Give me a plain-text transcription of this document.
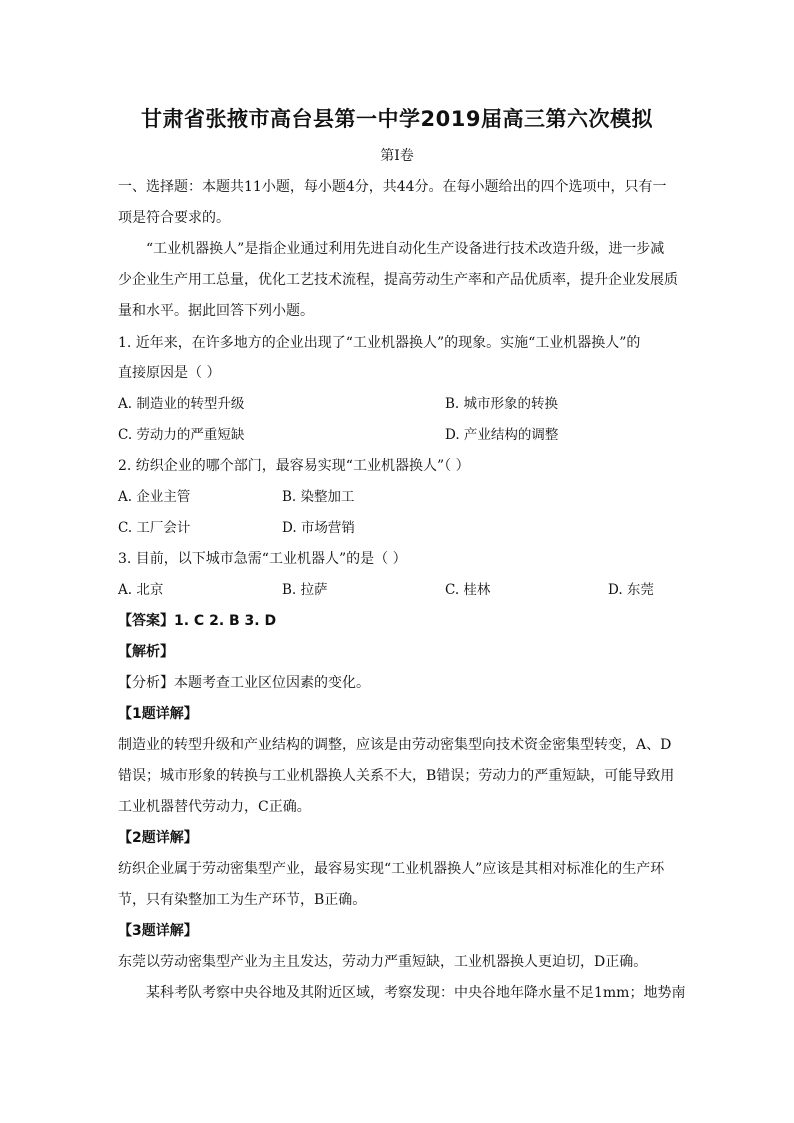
甘肃省张掖市高台县第一中学2019届高三第六次模拟
第I卷
一、选择题：本题共11小题，每小题4分，共44分。在每小题给出的四个选项中，只有一
项是符合要求的。
“工业机器换人”是指企业通过利用先进自动化生产设备进行技术改造升级，进一步减
少企业生产用工总量，优化工艺技术流程，提高劳动生产率和产品优质率，提升企业发展质
量和水平。据此回答下列小题。
1. 近年来，在许多地方的企业出现了“工业机器换人”的现象。实施“工业机器换人”的
直接原因是（ ）
A. 制造业的转型升级	B. 城市形象的转换
C. 劳动力的严重短缺	D. 产业结构的调整
2. 纺织企业的哪个部门，最容易实现“工业机器换人”（ ）
A. 企业主管	B. 染整加工
C. 工厂会计	D. 市场营销
3. 目前，以下城市急需“工业机器人”的是（ ）
A. 北京	B. 拉萨	C. 桂林	D. 东莞
【答案】1. C 2. B 3. D
【解析】
【分析】本题考查工业区位因素的变化。
【1题详解】
制造业的转型升级和产业结构的调整，应该是由劳动密集型向技术资金密集型转变，A、D
错误；城市形象的转换与工业机器换人关系不大，B错误；劳动力的严重短缺，可能导致用
工业机器替代劳动力，C正确。
【2题详解】
纺织企业属于劳动密集型产业，最容易实现“工业机器换人”应该是其相对标准化的生产环
节，只有染整加工为生产环节，B正确。
【3题详解】
东莞以劳动密集型产业为主且发达，劳动力严重短缺，工业机器换人更迫切，D正确。
某科考队考察中央谷地及其附近区域，考察发现：中央谷地年降水量不足1mm；地势南
